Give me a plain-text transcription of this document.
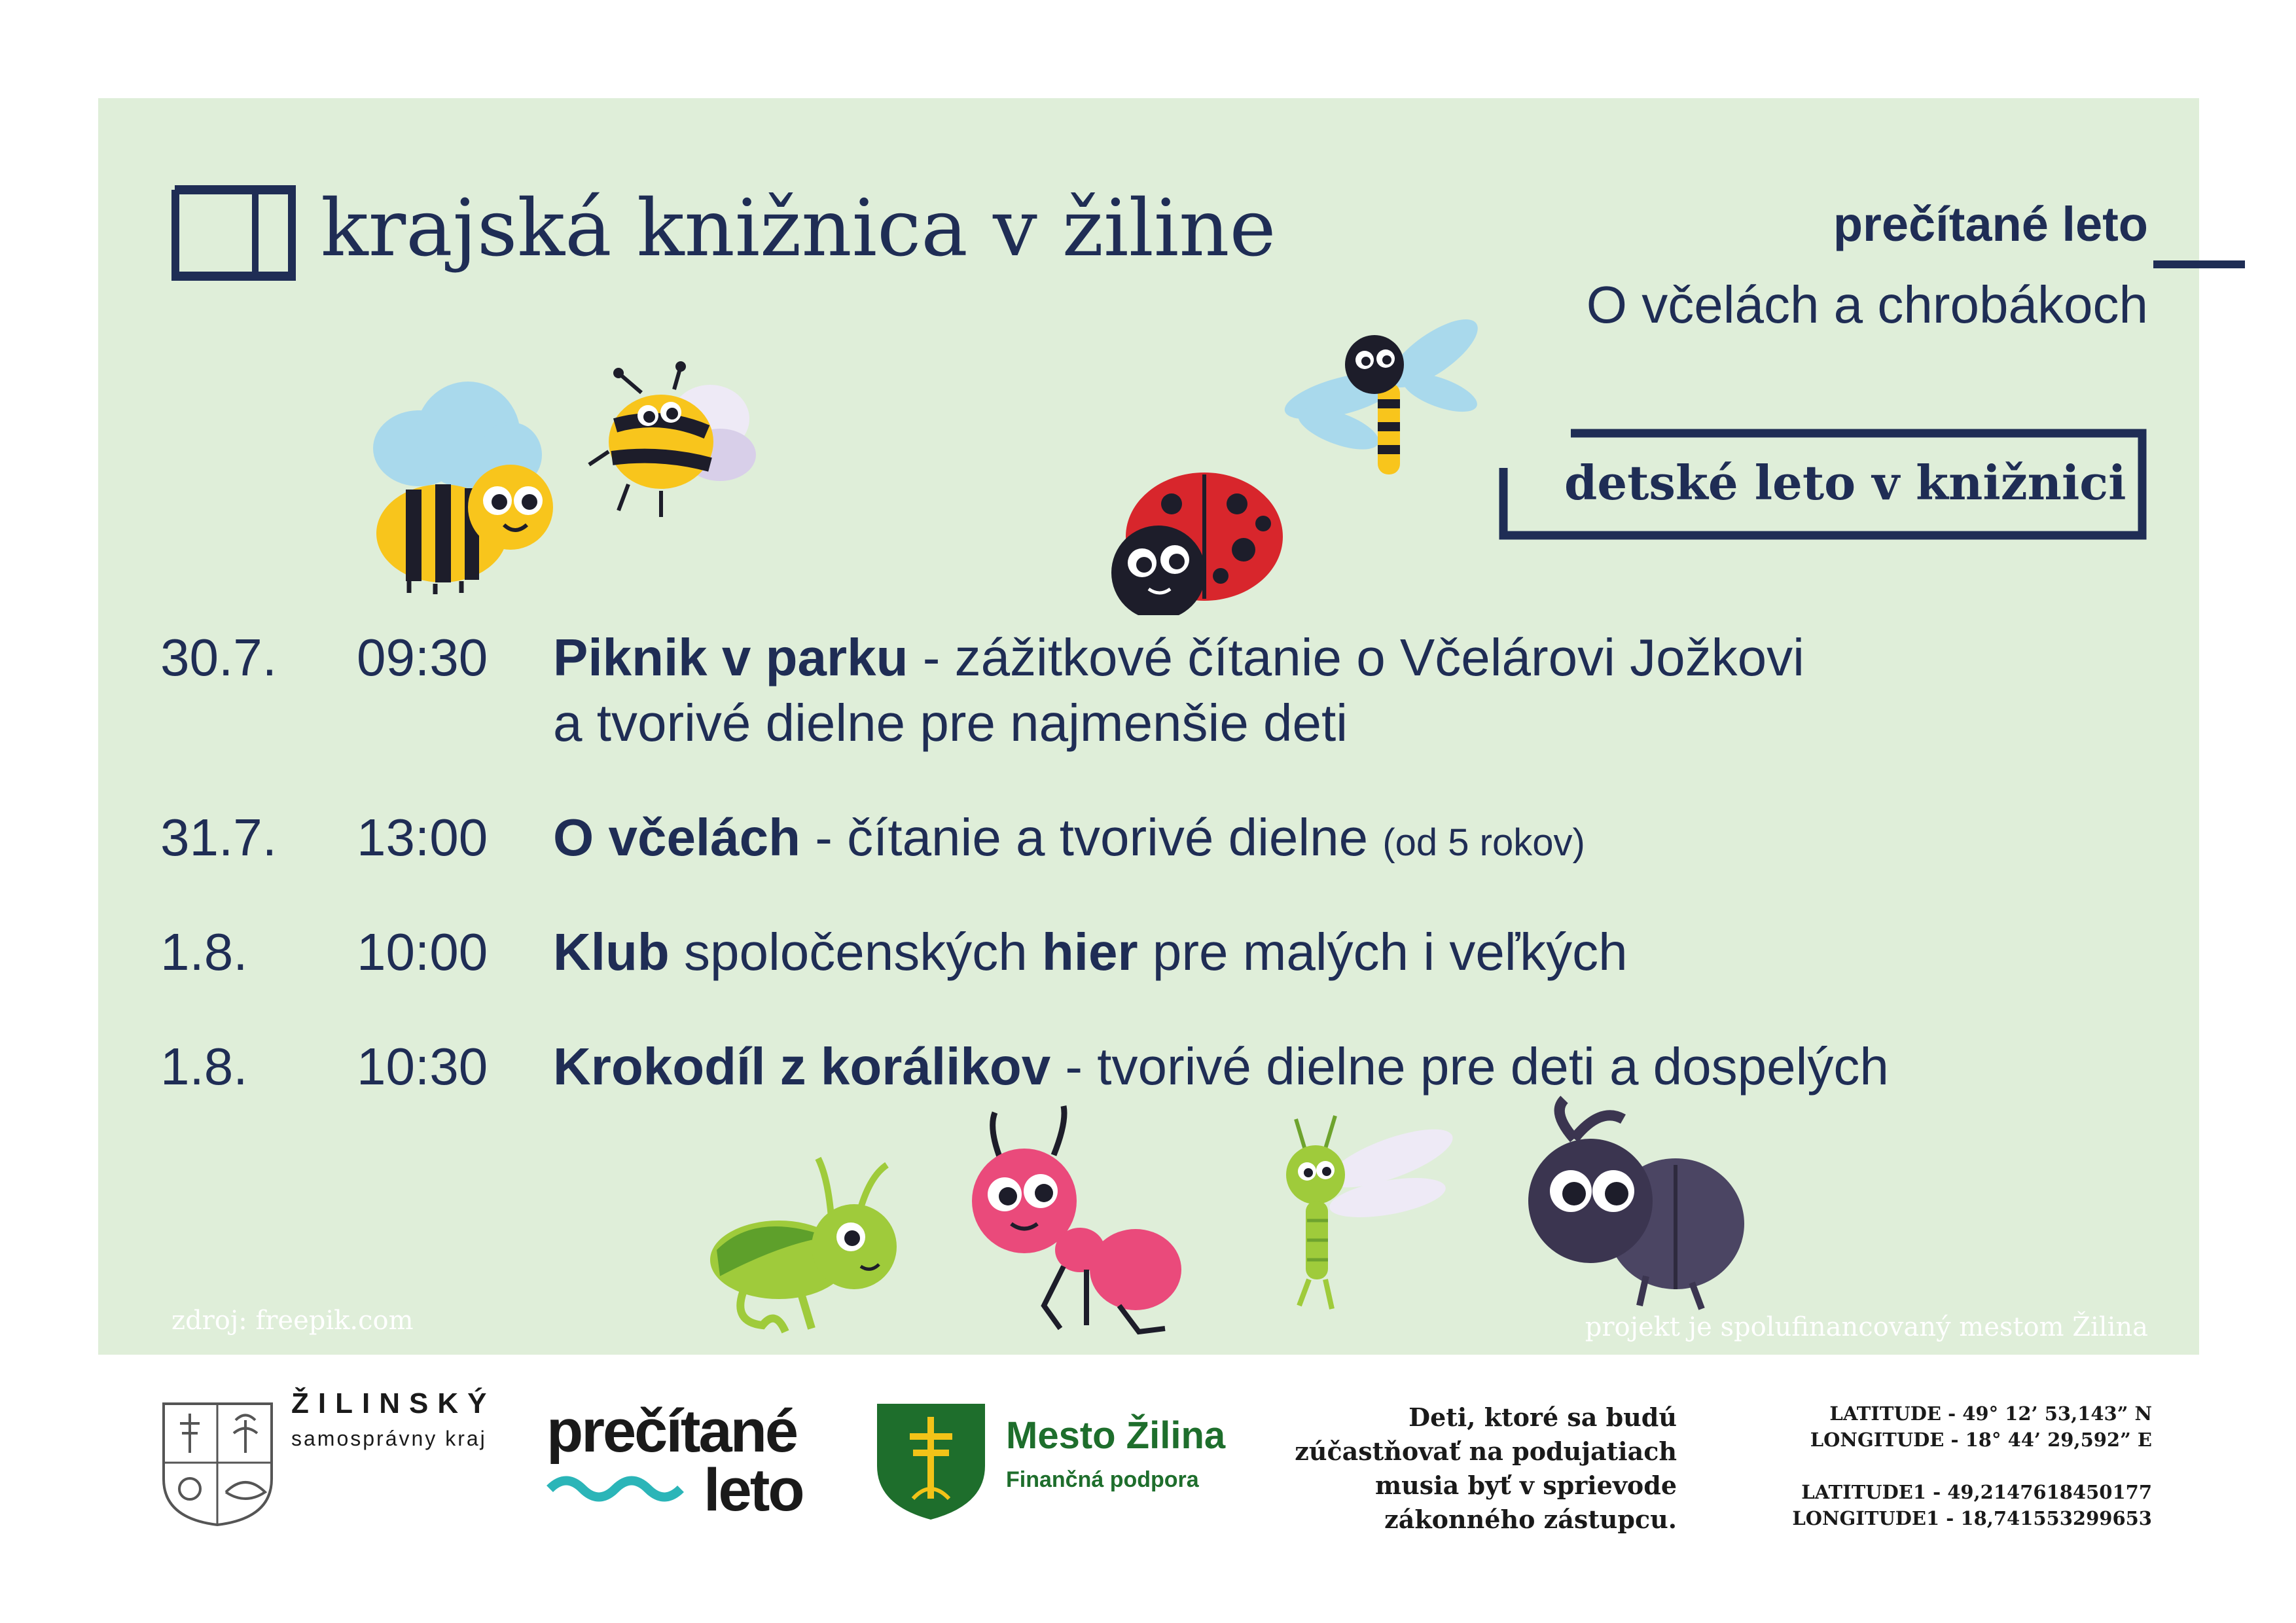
krajská knižnica v žiline	prečítané leto
O včelách a chrobákoch
detské leto v knižnici
30.7. 09:30 Piknik v parku - zážitkové čítanie o Včelárovi Jožkovi
a tvorivé dielne pre najmenšie deti
31.7. 13:00 O včelách - čítanie a tvorivé dielne (od 5 rokov)
1.8. 10:00 Klub spoločenských hier pre malých i veľkých
1.8. 10:30 Krokodíl z korálikov - tvorivé dielne pre deti a dospelých
zdroj: freepik.com	projekt je spolufinancovaný mestom Žilina
ŽILINSKÝ
samosprávny kraj prečítané
leto
Mesto Žilina
Finančná podpora
Deti, ktoré sa budú
zúčastňovať na podujatiach
musia byť v sprievode
zákonného zástupcu.
LATITUDE - 49° 12’ 53,143” N
LONGITUDE - 18° 44’ 29,592” E
LATITUDE1 - 49,2147618450177
LONGITUDE1 - 18,741553299653
